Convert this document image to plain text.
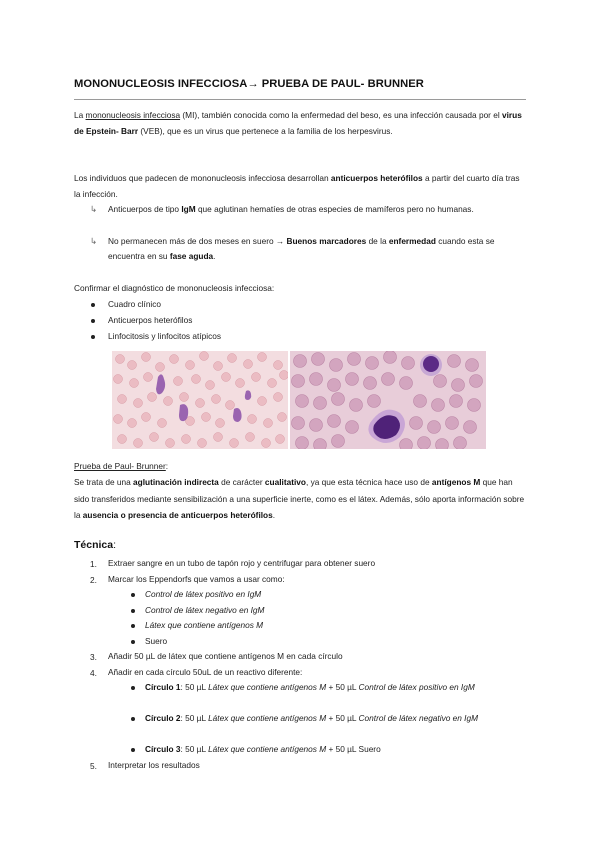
MONONUCLEOSIS INFECCIOSA→ PRUEBA DE PAUL- BRUNNER
La mononucleosis infecciosa (MI), también conocida como la enfermedad del beso, es una infección causada por el virus de Epstein- Barr (VEB), que es un virus que pertenece a la familia de los herpesvirus.
Los individuos que padecen de mononucleosis infecciosa desarrollan anticuerpos heterófilos a partir del cuarto día tras la infección.
↳ Anticuerpos de tipo IgM que aglutinan hematíes de otras especies de mamíferos pero no humanas.
↳ No permanecen más de dos meses en suero → Buenos marcadores de la enfermedad cuando esta se encuentra en su fase aguda.
Confirmar el diagnóstico de mononucleosis infecciosa:
Cuadro clínico
Anticuerpos heterófilos
Linfocitosis y linfocitos atípicos
Prueba de Paul- Brunner:
Se trata de una aglutinación indirecta de carácter cualitativo, ya que esta técnica hace uso de antígenos M que han sido transferidos mediante sensibilización a una superficie inerte, como es el látex. Además, sólo aporta información sobre la ausencia o presencia de anticuerpos heterófilos.
Técnica:
1. Extraer sangre en un tubo de tapón rojo y centrifugar para obtener suero
2. Marcar los Eppendorfs que vamos a usar como:
Control de látex positivo en IgM
Control de látex negativo en IgM
Látex que contiene antígenos M
Suero
3. Añadir 50 µL de látex que contiene antígenos M en cada círculo
4. Añadir en cada círculo 50uL de un reactivo diferente:
Círculo 1: 50 µL Látex que contiene antígenos M + 50 µL Control de látex positivo en IgM
Círculo 2: 50 µL Látex que contiene antígenos M + 50 µL Control de látex negativo en IgM
Círculo 3: 50 µL Látex que contiene antígenos M + 50 µL Suero
5. Interpretar los resultados
